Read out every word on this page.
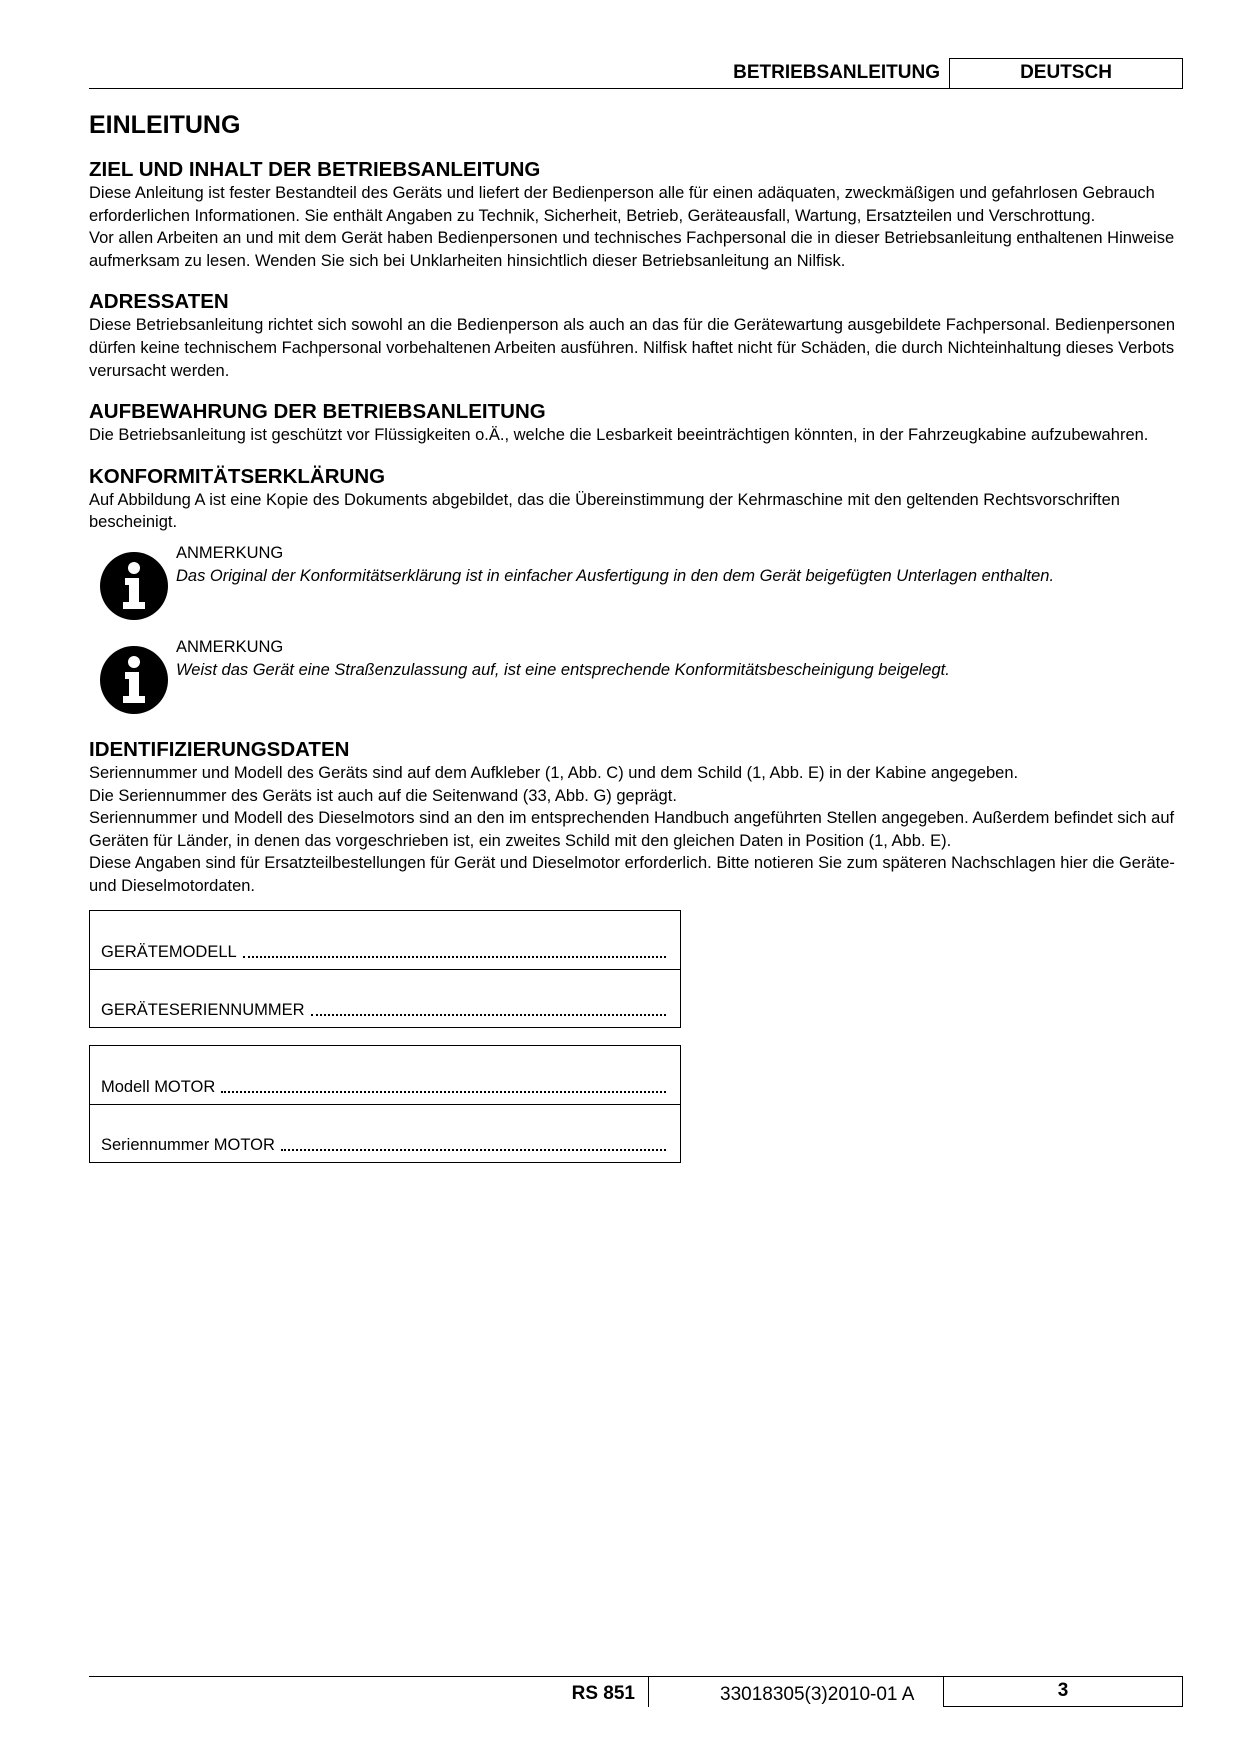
BETRIEBSANLEITUNG	DEUTSCH
EINLEITUNG
ZIEL UND INHALT DER BETRIEBSANLEITUNG

Diese Anleitung ist fester Bestandteil des Geräts und liefert der Bedienperson alle für einen adäquaten, zweckmäßigen und gefahrlosen Gebrauch erforderlichen Informationen. Sie enthält Angaben zu Technik, Sicherheit, Betrieb, Geräteausfall, Wartung, Ersatzteilen und Verschrottung.

Vor allen Arbeiten an und mit dem Gerät haben Bedienpersonen und technisches Fachpersonal die in dieser Betriebsanleitung enthaltenen Hinweise aufmerksam zu lesen. Wenden Sie sich bei Unklarheiten hinsichtlich dieser Betriebsanleitung an Nilfisk.

ADRESSATEN

Diese Betriebsanleitung richtet sich sowohl an die Bedienperson als auch an das für die Gerätewartung ausgebildete Fachpersonal. Bedienpersonen dürfen keine technischem Fachpersonal vorbehaltenen Arbeiten ausführen. Nilfisk haftet nicht für Schäden, die durch Nichteinhaltung dieses Verbots verursacht werden.

AUFBEWAHRUNG DER BETRIEBSANLEITUNG

Die Betriebsanleitung ist geschützt vor Flüssigkeiten o.Ä., welche die Lesbarkeit beeinträchtigen könnten, in der Fahrzeugkabine aufzubewahren.

KONFORMITÄTSERKLÄRUNG

Auf Abbildung A ist eine Kopie des Dokuments abgebildet, das die Übereinstimmung der Kehrmaschine mit den geltenden Rechtsvorschriften bescheinigt.

ANMERKUNG
Das Original der Konformitätserklärung ist in einfacher Ausfertigung in den dem Gerät beigefügten Unterlagen enthalten.
ANMERKUNG
Weist das Gerät eine Straßenzulassung auf, ist eine entsprechende Konformitätsbescheinigung beigelegt.
IDENTIFIZIERUNGSDATEN

Seriennummer und Modell des Geräts sind auf dem Aufkleber (1, Abb. C) und dem Schild (1, Abb. E) in der Kabine angegeben.

Die Seriennummer des Geräts ist auch auf die Seitenwand (33, Abb. G) geprägt.

Seriennummer und Modell des Dieselmotors sind an den im entsprechenden Handbuch angeführten Stellen angegeben. Außerdem befindet sich auf Geräten für Länder, in denen das vorgeschrieben ist, ein zweites Schild mit den gleichen Daten in Position (1, Abb. E).

Diese Angaben sind für Ersatzteilbestellungen für Gerät und Dieselmotor erforderlich. Bitte notieren Sie zum späteren Nachschlagen hier die Geräte- und Dieselmotordaten.

GERÄTEMODELL
GERÄTESERIENNUMMER
Modell MOTOR
Seriennummer MOTOR
RS 851	33018305(3)2010-01 A	3
